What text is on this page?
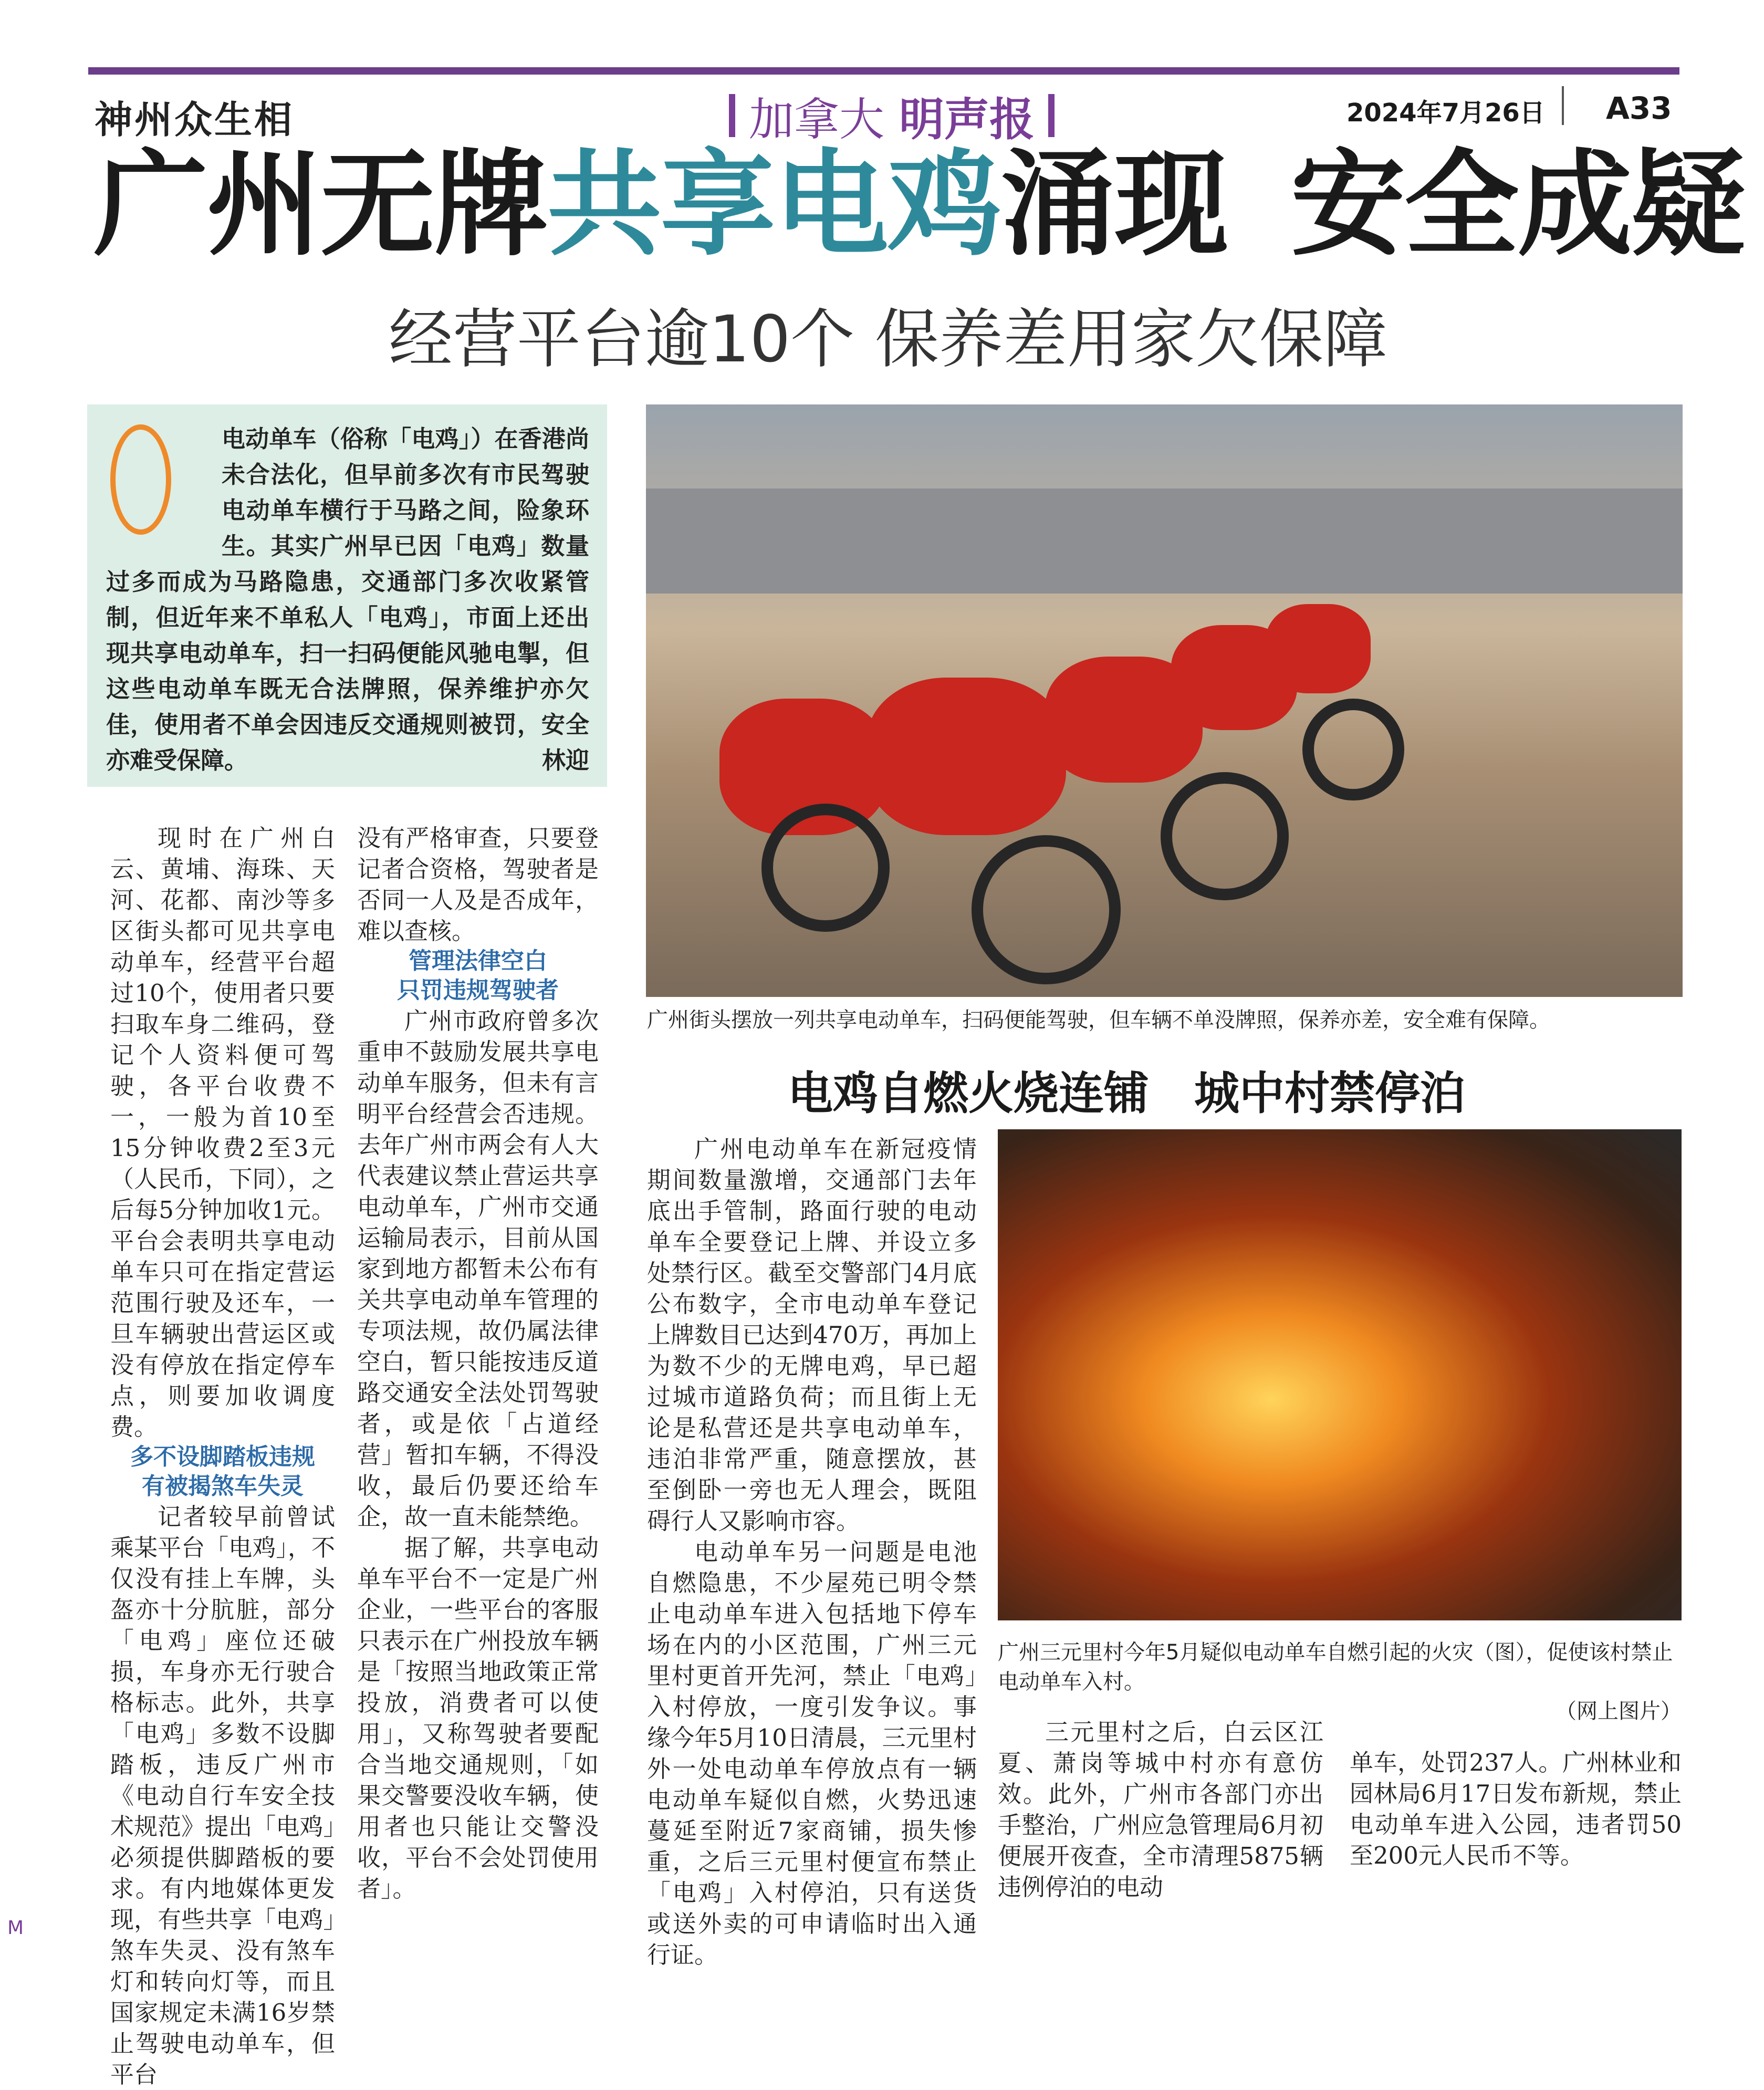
神州众生相	加拿大 明声报	2024年7月26日 A33
广州无牌共享电鸡涌现 安全成疑
经营平台逾10个 保养差用家欠保障
电动单车（俗称「电鸡」）在香港尚未合法化，但早前多次有市民驾驶电动单车横行于马路之间，险象环生。其实广州早已因「电鸡」数量过多而成为马路隐患，交通部门多次收紧管制，但近年来不单私人「电鸡」，市面上还出现共享电动单车，扫一扫码便能风驰电掣，但这些电动单车既无合法牌照，保养维护亦欠佳，使用者不单会因违反交通规则被罚，安全亦难受保障。	林迎
广州街头摆放一列共享电动单车，扫码便能驾驶，但车辆不单没牌照，保养亦差，安全难有保障。
电鸡自燃火烧连铺　城中村禁停泊
广州三元里村今年5月疑似电动单车自燃引起的火灾（图），促使该村禁止电动单车入村。

（网上图片）

现时在广州白云、黄埔、海珠、天河、花都、南沙等多区街头都可见共享电动单车，经营平台超过10个，使用者只要扫取车身二维码，登记个人资料便可驾驶，各平台收费不一，一般为首10至15分钟收费2至3元（人民币，下同），之后每5分钟加收1元。平台会表明共享电动单车只可在指定营运范围行驶及还车，一旦车辆驶出营运区或没有停放在指定停车点，则要加收调度费。

多不设脚踏板违规
有被揭煞车失灵

记者较早前曾试乘某平台「电鸡」，不仅没有挂上车牌，头盔亦十分肮脏，部分「电鸡」座位还破损，车身亦无行驶合格标志。此外，共享「电鸡」多数不设脚踏板，违反广州市《电动自行车安全技术规范》提出「电鸡」必须提供脚踏板的要求。有内地媒体更发现，有些共享「电鸡」煞车失灵、没有煞车灯和转向灯等，而且国家规定未满16岁禁止驾驶电动单车，但平台

没有严格审查，只要登记者合资格，驾驶者是否同一人及是否成年，难以查核。

管理法律空白
只罚违规驾驶者

广州市政府曾多次重申不鼓励发展共享电动单车服务，但未有言明平台经营会否违规。去年广州市两会有人大代表建议禁止营运共享电动单车，广州市交通运输局表示，目前从国家到地方都暂未公布有关共享电动单车管理的专项法规，故仍属法律空白，暂只能按违反道路交通安全法处罚驾驶者，或是依「占道经营」暂扣车辆，不得没收，最后仍要还给车企，故一直未能禁绝。

据了解，共享电动单车平台不一定是广州企业，一些平台的客服只表示在广州投放车辆是「按照当地政策正常投放，消费者可以使用」，又称驾驶者要配合当地交通规则，「如果交警要没收车辆，使用者也只能让交警没收，平台不会处罚使用者」。

广州电动单车在新冠疫情期间数量激增，交通部门去年底出手管制，路面行驶的电动单车全要登记上牌、并设立多处禁行区。截至交警部门4月底公布数字，全市电动单车登记上牌数目已达到470万，再加上为数不少的无牌电鸡，早已超过城市道路负荷；而且街上无论是私营还是共享电动单车，违泊非常严重，随意摆放，甚至倒卧一旁也无人理会，既阻碍行人又影响市容。

电动单车另一问题是电池自燃隐患，不少屋苑已明令禁止电动单车进入包括地下停车场在内的小区范围，广州三元里村更首开先河，禁止「电鸡」入村停放，一度引发争议。事缘今年5月10日清晨，三元里村外一处电动单车停放点有一辆电动单车疑似自燃，火势迅速蔓延至附近7家商铺，损失惨重，之后三元里村便宣布禁止「电鸡」入村停泊，只有送货或送外卖的可申请临时出入通行证。

三元里村之后，白云区江夏、萧岗等城中村亦有意仿效。此外，广州市各部门亦出手整治，广州应急管理局6月初便展开夜查，全市清理5875辆违例停泊的电动

单车，处罚237人。广州林业和园林局6月17日发布新规，禁止电动单车进入公园，违者罚50至200元人民币不等。

M
